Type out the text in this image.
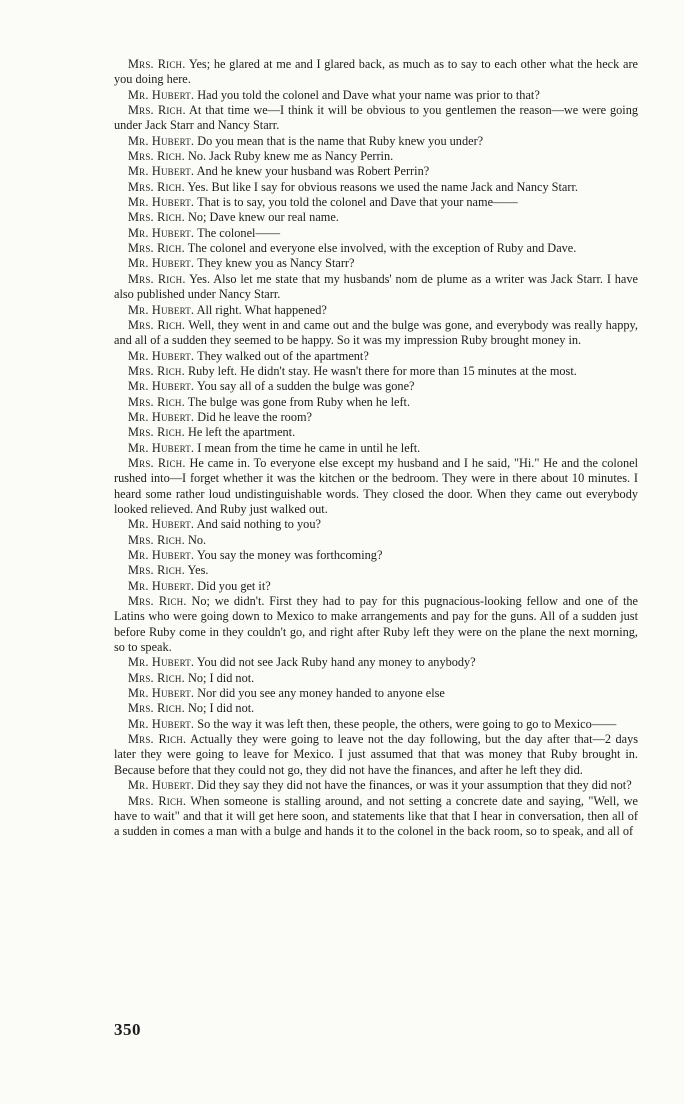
Mrs. Rich. Yes; he glared at me and I glared back, as much as to say to each other what the heck are you doing here.

Mr. Hubert. Had you told the colonel and Dave what your name was prior to that?

Mrs. Rich. At that time we—I think it will be obvious to you gentlemen the reason—we were going under Jack Starr and Nancy Starr.

Mr. Hubert. Do you mean that is the name that Ruby knew you under?

Mrs. Rich. No. Jack Ruby knew me as Nancy Perrin.

Mr. Hubert. And he knew your husband was Robert Perrin?

Mrs. Rich. Yes. But like I say for obvious reasons we used the name Jack and Nancy Starr.

Mr. Hubert. That is to say, you told the colonel and Dave that your name——

Mrs. Rich. No; Dave knew our real name.

Mr. Hubert. The colonel——

Mrs. Rich. The colonel and everyone else involved, with the exception of Ruby and Dave.

Mr. Hubert. They knew you as Nancy Starr?

Mrs. Rich. Yes. Also let me state that my husbands' nom de plume as a writer was Jack Starr. I have also published under Nancy Starr.

Mr. Hubert. All right. What happened?

Mrs. Rich. Well, they went in and came out and the bulge was gone, and everybody was really happy, and all of a sudden they seemed to be happy. So it was my impression Ruby brought money in.

Mr. Hubert. They walked out of the apartment?

Mrs. Rich. Ruby left. He didn't stay. He wasn't there for more than 15 minutes at the most.

Mr. Hubert. You say all of a sudden the bulge was gone?

Mrs. Rich. The bulge was gone from Ruby when he left.

Mr. Hubert. Did he leave the room?

Mrs. Rich. He left the apartment.

Mr. Hubert. I mean from the time he came in until he left.

Mrs. Rich. He came in. To everyone else except my husband and I he said, "Hi." He and the colonel rushed into—I forget whether it was the kitchen or the bedroom. They were in there about 10 minutes. I heard some rather loud undistinguishable words. They closed the door. When they came out everybody looked relieved. And Ruby just walked out.

Mr. Hubert. And said nothing to you?

Mrs. Rich. No.

Mr. Hubert. You say the money was forthcoming?

Mrs. Rich. Yes.

Mr. Hubert. Did you get it?

Mrs. Rich. No; we didn't. First they had to pay for this pugnacious-looking fellow and one of the Latins who were going down to Mexico to make arrangements and pay for the guns. All of a sudden just before Ruby come in they couldn't go, and right after Ruby left they were on the plane the next morning, so to speak.

Mr. Hubert. You did not see Jack Ruby hand any money to anybody?

Mrs. Rich. No; I did not.

Mr. Hubert. Nor did you see any money handed to anyone else

Mrs. Rich. No; I did not.

Mr. Hubert. So the way it was left then, these people, the others, were going to go to Mexico——

Mrs. Rich. Actually they were going to leave not the day following, but the day after that—2 days later they were going to leave for Mexico. I just assumed that that was money that Ruby brought in. Because before that they could not go, they did not have the finances, and after he left they did.

Mr. Hubert. Did they say they did not have the finances, or was it your assumption that they did not?

Mrs. Rich. When someone is stalling around, and not setting a concrete date and saying, "Well, we have to wait" and that it will get here soon, and statements like that that I hear in conversation, then all of a sudden in comes a man with a bulge and hands it to the colonel in the back room, so to speak, and all of

350
